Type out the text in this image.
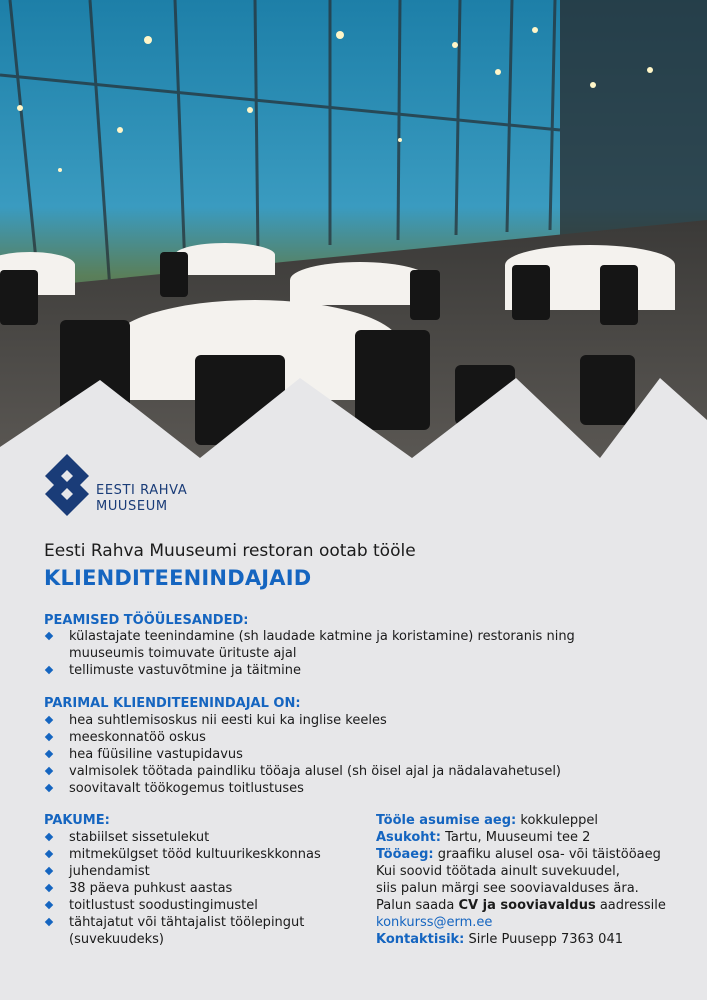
EESTI RAHVA
MUUSEUM
Eesti Rahva Muuseumi restoran ootab tööle
KLIENDITEENINDAJAID
PEAMISED TÖÖÜLESANDED:
külastajate teenindamine (sh laudade katmine ja koristamine) restoranis ning muuseumis toimuvate ürituste ajal
tellimuste vastuvõtmine ja täitmine
PARIMAL KLIENDITEENINDAJAL ON:
hea suhtlemisoskus nii eesti kui ka inglise keeles
meeskonnatöö oskus
hea füüsiline vastupidavus
valmisolek töötada paindliku tööaja alusel (sh öisel ajal ja nädalavahetusel)
soovitavalt töökogemus toitlustuses
PAKUME:
stabiilset sissetulekut
mitmekülgset tööd kultuurikeskkonnas
juhendamist
38 päeva puhkust aastas
toitlustust soodustingimustel
tähtajatut või tähtajalist töölepingut (suvekuudeks)
Tööle asumise aeg: kokkuleppel
Asukoht: Tartu, Muuseumi tee 2
Tööaeg: graafiku alusel osa- või täistööaeg
Kui soovid töötada ainult suvekuudel,
siis palun märgi see sooviavalduses ära.
Palun saada CV ja sooviavaldus aadressile
konkurss@erm.ee
Kontaktisik: Sirle Puusepp 7363 041
